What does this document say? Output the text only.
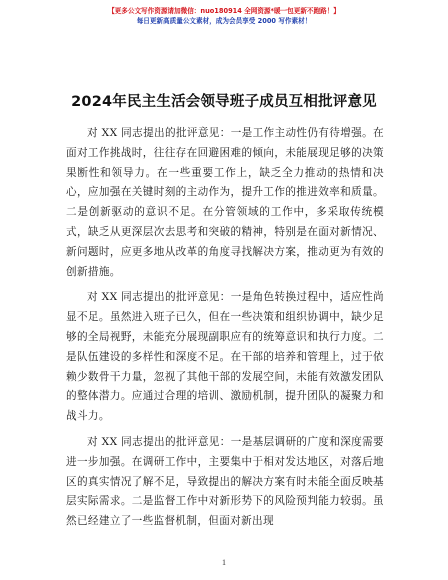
【更多公文写作资源请加微信：nuo180914 全网资源*暖一包更新不跑路！】
每日更新高质量公文素材，成为会员享受 2000 写作素材！
2024年民主生活会领导班子成员互相批评意见

对 XX 同志提出的批评意见：一是工作主动性仍有待增强。在面对工作挑战时，往往存在回避困难的倾向，未能展现足够的决策果断性和领导力。在一些重要工作上，缺乏全力推动的热情和决心，应加强在关键时刻的主动作为，提升工作的推进效率和质量。二是创新驱动的意识不足。在分管领域的工作中，多采取传统模式，缺乏从更深层次去思考和突破的精神，特别是在面对新情况、新问题时，应更多地从改革的角度寻找解决方案，推动更为有效的创新措施。

对 XX 同志提出的批评意见：一是角色转换过程中，适应性尚显不足。虽然进入班子已久，但在一些决策和组织协调中，缺少足够的全局视野，未能充分展现副职应有的统筹意识和执行力度。二是队伍建设的多样性和深度不足。在干部的培养和管理上，过于依赖少数骨干力量，忽视了其他干部的发展空间，未能有效激发团队的整体潜力。应通过合理的培训、激励机制，提升团队的凝聚力和战斗力。

对 XX 同志提出的批评意见：一是基层调研的广度和深度需要进一步加强。在调研工作中，主要集中于相对发达地区，对落后地区的真实情况了解不足，导致提出的解决方案有时未能全面反映基层实际需求。二是监督工作中对新形势下的风险预判能力较弱。虽然已经建立了一些监督机制，但面对新出现

1
